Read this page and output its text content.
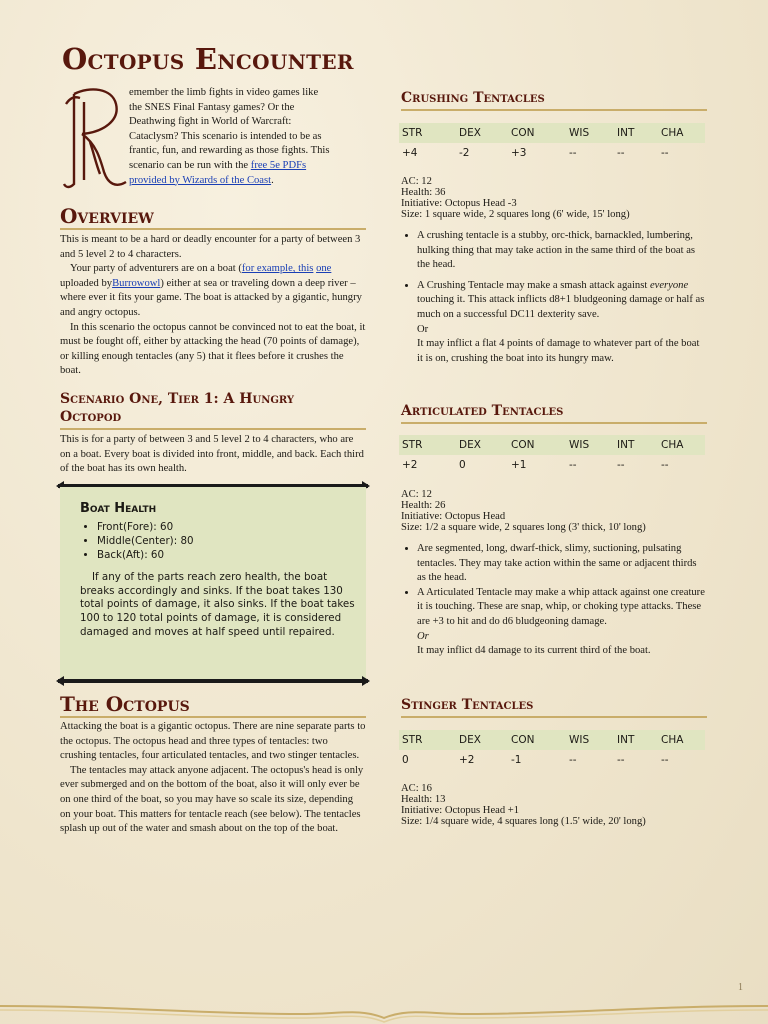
Octopus Encounter
emember the limb fights in video games like
the SNES Final Fantasy games? Or the
Deathwing fight in World of Warcraft:
Cataclysm? This scenario is intended to be as
frantic, fun, and rewarding as those fights. This
scenario can be run with the free 5e PDFs
provided by Wizards of the Coast.
Overview
This is meant to be a hard or deadly encounter for a party of between 3 and 5 level 2 to 4 characters.
Your party of adventurers are on a boat (for example, this one uploaded byBurrowowl) either at sea or traveling down a deep river – where ever it fits your game. The boat is attacked by a gigantic, hungry and angry octopus.
In this scenario the octopus cannot be convinced not to eat the boat, it must be fought off, either by attacking the head (70 points of damage), or killing enough tentacles (any 5) that it flees before it crushes the boat.
Scenario One, Tier 1: A Hungry
Octopod
This is for a party of between 3 and 5 level 2 to 4 characters, who are on a boat. Every boat is divided into front, middle, and back. Each third of the boat has its own health.
Boat Health
• Front(Fore): 60
• Middle(Center): 80
• Back(Aft): 60

If any of the parts reach zero health, the boat breaks accordingly and sinks. If the boat takes 130 total points of damage, it also sinks. If the boat takes 100 to 120 total points of damage, it is considered damaged and moves at half speed until repaired.

The Octopus
Attacking the boat is a gigantic octopus. There are nine separate parts to the octopus. The octopus head and three types of tentacles: two crushing tentacles, four articulated tentacles, and two stinger tentacles.
The tentacles may attack anyone adjacent. The octopus's head is only ever submerged and on the bottom of the boat, also it will only ever be on one third of the boat, so you may have so scale its size, depending on your boat. This matters for tentacle reach (see below). The tentacles splash up out of the water and smash about on the top of the boat.
Crushing Tentacles
STR	DEX	CON	WIS	INT	CHA
+4	-2	+3	--	--	--
AC: 12
Health: 36
Initiative: Octopus Head -3
Size: 1 square wide, 2 squares long (6' wide, 15' long)
• A crushing tentacle is a stubby, orc-thick, barnackled, lumbering, hulking thing that may take action in the same third of the boat as the head.
• A Crushing Tentacle may make a smash attack against everyone touching it. This attack inflicts d8+1 bludgeoning damage or half as much on a successful DC11 dexterity save.
Or
It may inflict a flat 4 points of damage to whatever part of the boat it is on, crushing the boat into its hungry maw.
Articulated Tentacles
STR	DEX	CON	WIS	INT	CHA
+2	0	+1	--	--	--
AC: 12
Health: 26
Initiative: Octopus Head
Size: 1/2 a square wide, 2 squares long (3' thick, 10' long)
• Are segmented, long, dwarf-thick, slimy, suctioning, pulsating tentacles. They may take action within the same or adjacent thirds as the head.
• A Articulated Tentacle may make a whip attack against one creature it is touching. These are snap, whip, or choking type attacks. These are +3 to hit and do d6 bludgeoning damage.
Or
It may inflict d4 damage to its current third of the boat.
Stinger Tentacles
STR	DEX	CON	WIS	INT	CHA
0	+2	-1	--	--	--
AC: 16
Health: 13
Initiative: Octopus Head +1
Size: 1/4 square wide, 4 squares long (1.5' wide, 20' long)
1
